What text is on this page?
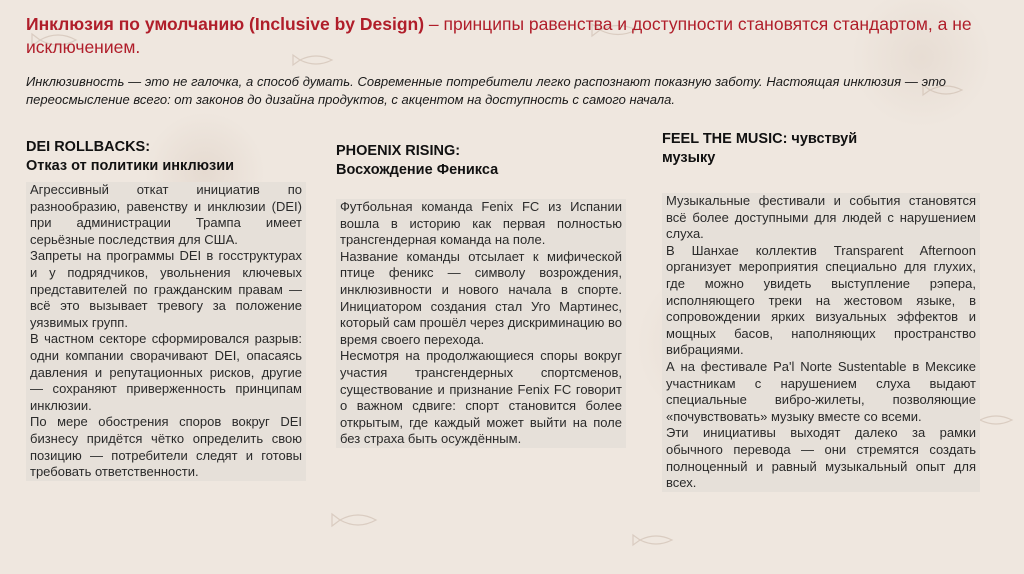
Инклюзия по умолчанию (Inclusive by Design) – принципы равенства и доступности становятся стандартом, а не исключением.
Инклюзивность — это не галочка, а способ думать. Современные потребители легко распознают показную заботу. Настоящая инклюзия — это переосмысление всего: от законов до дизайна продуктов, с акцентом на доступность с самого начала.
DEI ROLLBACKS:
Отказ от политики инклюзии

Агрессивный откат инициатив по разнообразию, равенству и инклюзии (DEI) при администрации Трампа имеет серьёзные последствия для США.

Запреты на программы DEI в госструктурах и у подрядчиков, увольнения ключевых представителей по гражданским правам — всё это вызывает тревогу за положение уязвимых групп.

В частном секторе сформировался разрыв: одни компании сворачивают DEI, опасаясь давления и репутационных рисков, другие — сохраняют приверженность принципам инклюзии.

По мере обострения споров вокруг DEI бизнесу придётся чётко определить свою позицию — потребители следят и готовы требовать ответственности.

PHOENIX RISING:
Восхождение Феникса

Футбольная команда Fenix FC из Испании вошла в историю как первая полностью трансгендерная команда на поле.

Название команды отсылает к мифической птице феникс — символу возрождения, инклюзивности и нового начала в спорте. Инициатором создания стал Уго Мартинес, который сам прошёл через дискриминацию во время своего перехода.

Несмотря на продолжающиеся споры вокруг участия трансгендерных спортсменов, существование и признание Fenix FC говорит о важном сдвиге: спорт становится более открытым, где каждый может выйти на поле без страха быть осуждённым.

FEEL THE MUSIC: чувствуй
музыку

Музыкальные фестивали и события становятся всё более доступными для людей с нарушением слуха.

В Шанхае коллектив Transparent Afternoon организует мероприятия специально для глухих, где можно увидеть выступление рэпера, исполняющего треки на жестовом языке, в сопровождении ярких визуальных эффектов и мощных басов, наполняющих пространство вибрациями.

А на фестивале Pa'l Norte Sustentable в Мексике участникам с нарушением слуха выдают специальные вибро-жилеты, позволяющие «почувствовать» музыку вместе со всеми.

Эти инициативы выходят далеко за рамки обычного перевода — они стремятся создать полноценный и равный музыкальный опыт для всех.
